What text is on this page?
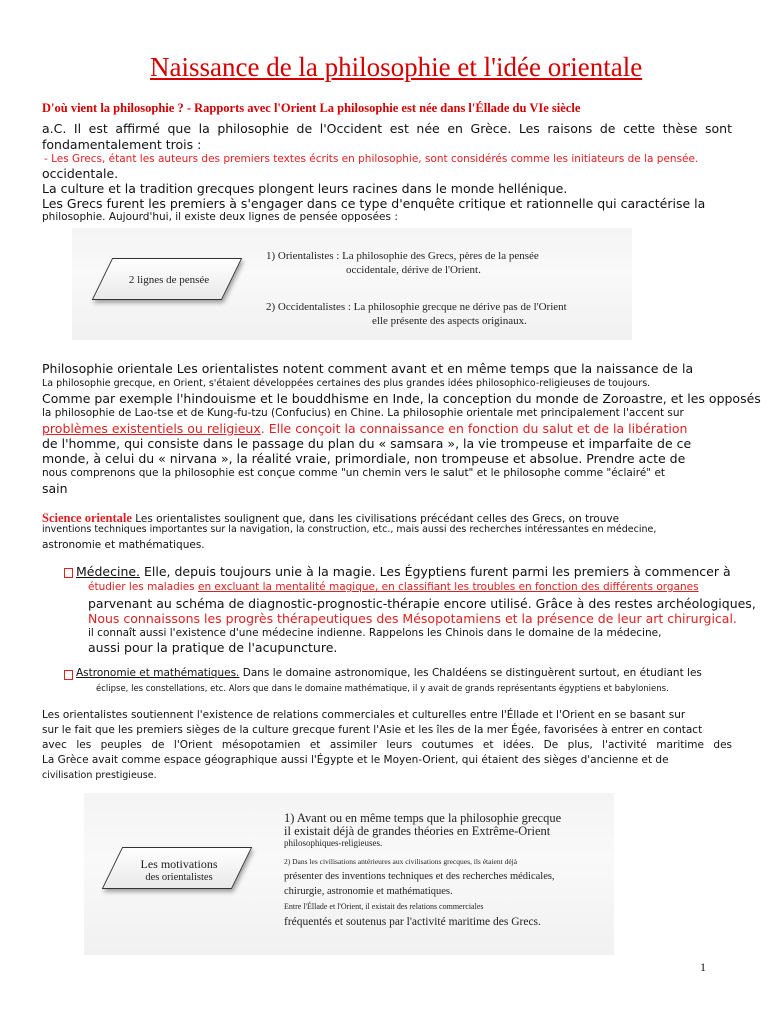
Naissance de la philosophie et l'idée orientale
D'où vient la philosophie ? - Rapports avec l'Orient La philosophie est née dans l'Éllade du VIe siècle
a.C. Il est affirmé que la philosophie de l'Occident est née en Grèce. Les raisons de cette thèse sont
fondamentalement trois :
- Les Grecs, étant les auteurs des premiers textes écrits en philosophie, sont considérés comme les initiateurs de la pensée.
occidentale.
La culture et la tradition grecques plongent leurs racines dans le monde hellénique.
Les Grecs furent les premiers à s'engager dans ce type d'enquête critique et rationnelle qui caractérise la
philosophie. Aujourd'hui, il existe deux lignes de pensée opposées :
2 lignes de pensée
1) Orientalistes : La philosophie des Grecs, pères de la pensée
occidentale, dérive de l'Orient.
2) Occidentalistes : La philosophie grecque ne dérive pas de l'Orient
elle présente des aspects originaux.
Philosophie orientale Les orientalistes notent comment avant et en même temps que la naissance de la
La philosophie grecque, en Orient, s'étaient développées certaines des plus grandes idées philosophico-religieuses de toujours.
Comme par exemple l'hindouisme et le bouddhisme en Inde, la conception du monde de Zoroastre, et les opposés
la philosophie de Lao-tse et de Kung-fu-tzu (Confucius) en Chine. La philosophie orientale met principalement l'accent sur
problèmes existentiels ou religieux. Elle conçoit la connaissance en fonction du salut et de la libération
de l'homme, qui consiste dans le passage du plan du « samsara », la vie trompeuse et imparfaite de ce
monde, à celui du « nirvana », la réalité vraie, primordiale, non trompeuse et absolue. Prendre acte de
nous comprenons que la philosophie est conçue comme "un chemin vers le salut" et le philosophe comme "éclairé" et
sain
Science orientale Les orientalistes soulignent que, dans les civilisations précédant celles des Grecs, on trouve
inventions techniques importantes sur la navigation, la construction, etc., mais aussi des recherches intéressantes en médecine,
astronomie et mathématiques.
Médecine. Elle, depuis toujours unie à la magie. Les Égyptiens furent parmi les premiers à commencer à
étudier les maladies en excluant la mentalité magique, en classifiant les troubles en fonction des différents organes
parvenant au schéma de diagnostic-prognostic-thérapie encore utilisé. Grâce à des restes archéologiques,
Nous connaissons les progrès thérapeutiques des Mésopotamiens et la présence de leur art chirurgical.
il connaît aussi l'existence d'une médecine indienne. Rappelons les Chinois dans le domaine de la médecine,
aussi pour la pratique de l'acupuncture.
Astronomie et mathématiques. Dans le domaine astronomique, les Chaldéens se distinguèrent surtout, en étudiant les
éclipse, les constellations, etc. Alors que dans le domaine mathématique, il y avait de grands représentants égyptiens et babyloniens.
Les orientalistes soutiennent l'existence de relations commerciales et culturelles entre l'Éllade et l'Orient en se basant sur
sur le fait que les premiers sièges de la culture grecque furent l'Asie et les îles de la mer Égée, favorisées à entrer en contact
avec les peuples de l'Orient mésopotamien et assimiler leurs coutumes et idées. De plus, l'activité maritime des
La Grèce avait comme espace géographique aussi l'Égypte et le Moyen-Orient, qui étaient des sièges d'ancienne et de
civilisation prestigieuse.
Les motivations
des orientalistes
1) Avant ou en même temps que la philosophie grecque
il existait déjà de grandes théories en Extrême-Orient
philosophiques-religieuses.
2) Dans les civilisations antérieures aux civilisations grecques, ils étaient déjà
présenter des inventions techniques et des recherches médicales,
chirurgie, astronomie et mathématiques.
Entre l'Éllade et l'Orient, il existait des relations commerciales
fréquentés et soutenus par l'activité maritime des Grecs.
1
